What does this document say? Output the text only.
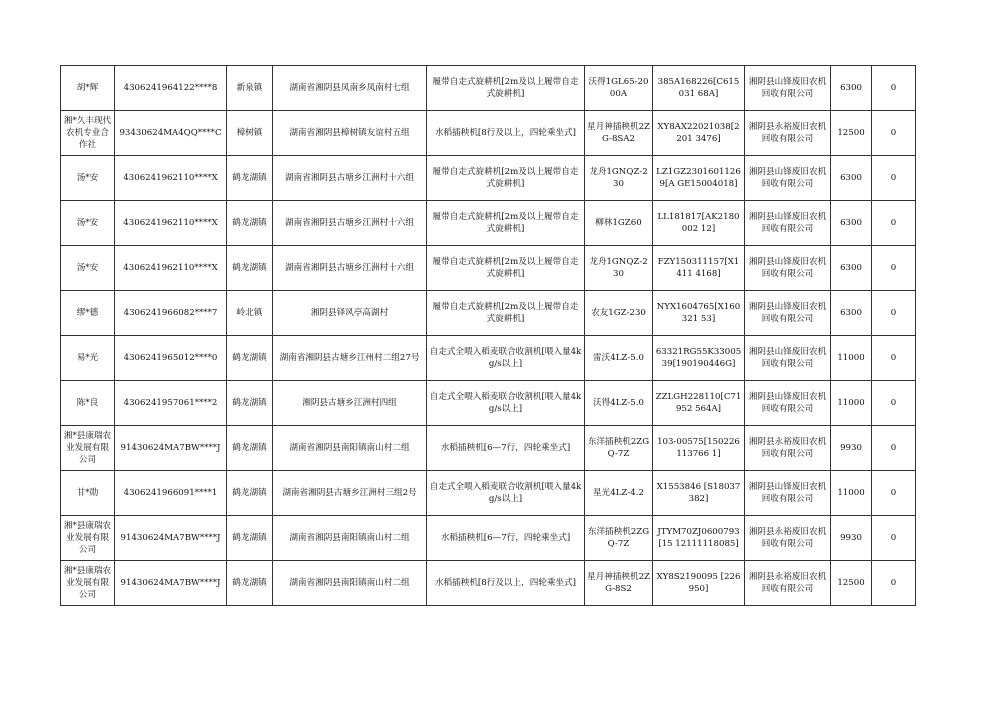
胡*辉	4306241964122****8	新泉镇	湖南省湘阴县凤南乡凤南村七组	履带自走式旋耕机[2m及以上履带自走式旋耕机]	沃得1GL65-2000A	385A168226[C615031 68A]	湘阴县山锋废旧农机回收有限公司	6300	0
湘*久丰现代农机专业合作社	93430624MA4QQ****C	樟树镇	湖南省湘阴县樟树镇友谊村五组	水稻插秧机[8行及以上，四轮乘坐式]	星月神插秧机2ZG-8SA2	XY8AX22021038[2201 3476]	湘阴县永裕废旧农机回收有限公司	12500	0
汤*安	4306241962110****X	鹤龙湖镇	湖南省湘阴县古塘乡江洲村十六组	履带自走式旋耕机[2m及以上履带自走式旋耕机]	龙舟1GNQZ-230	LZ1GZ23016011269[A GE15004018]	湘阴县山锋废旧农机回收有限公司	6300	0
汤*安	4306241962110****X	鹤龙湖镇	湖南省湘阴县古塘乡江洲村十六组	履带自走式旋耕机[2m及以上履带自走式旋耕机]	柳林1GZ60	LL181817[AK2180002 12]	湘阴县山锋废旧农机回收有限公司	6300	0
汤*安	4306241962110****X	鹤龙湖镇	湖南省湘阴县古塘乡江洲村十六组	履带自走式旋耕机[2m及以上履带自走式旋耕机]	龙舟1GNQZ-230	FZY150311157[X1411 4168]	湘阴县山锋废旧农机回收有限公司	6300	0
缪*德	4306241966082****7	岭北镇	湘阴县铎风亭高湖村	履带自走式旋耕机[2m及以上履带自走式旋耕机]	农友1GZ-230	NYX1604765[X160321 53]	湘阴县山锋废旧农机回收有限公司	6300	0
易*光	4306241965012****0	鹤龙湖镇	湖南省湘阴县古塘乡江州村二组27号	自走式全喂入稻麦联合收割机[喂入量4kg/s以上]	雷沃4LZ-5.0	63321RG55K3300539[190190446G]	湘阴县山锋废旧农机回收有限公司	11000	0
陈*良	4306241957061****2	鹤龙湖镇	湘阴县古塘乡江洲村四组	自走式全喂入稻麦联合收割机[喂入量4kg/s以上]	沃得4LZ-5.0	ZZLGH228110[C71952 564A]	湘阴县山锋废旧农机回收有限公司	11000	0
湘*县康瑞农业发展有限公司	91430624MA7BW****J	鹤龙湖镇	湖南省湘阴县南阳镇南山村二组	水稻插秧机[6—7行，四轮乘坐式]	东洋插秧机2ZGQ-7Z	103-00575[150226113766 1]	湘阴县永裕废旧农机回收有限公司	9930	0
甘*勋	4306241966091****1	鹤龙湖镇	湖南省湘阴县古塘乡江洲村三组2号	自走式全喂入稻麦联合收割机[喂入量4kg/s以上]	星光4LZ-4.2	X1553846 [S18037382]	湘阴县山锋废旧农机回收有限公司	11000	0
湘*县康瑞农业发展有限公司	91430624MA7BW****J	鹤龙湖镇	湖南省湘阴县南阳镇南山村二组	水稻插秧机[6—7行，四轮乘坐式]	东洋插秧机2ZGQ-7Z	JTYM70ZJ0600793[15 12111118085]	湘阴县永裕废旧农机回收有限公司	9930	0
湘*县康瑞农业发展有限公司	91430624MA7BW****J	鹤龙湖镇	湖南省湘阴县南阳镇南山村二组	水稻插秧机[8行及以上，四轮乘坐式]	星月神插秧机2ZG-8S2	XY8S2190095 [226950]	湘阴县永裕废旧农机回收有限公司	12500	0
